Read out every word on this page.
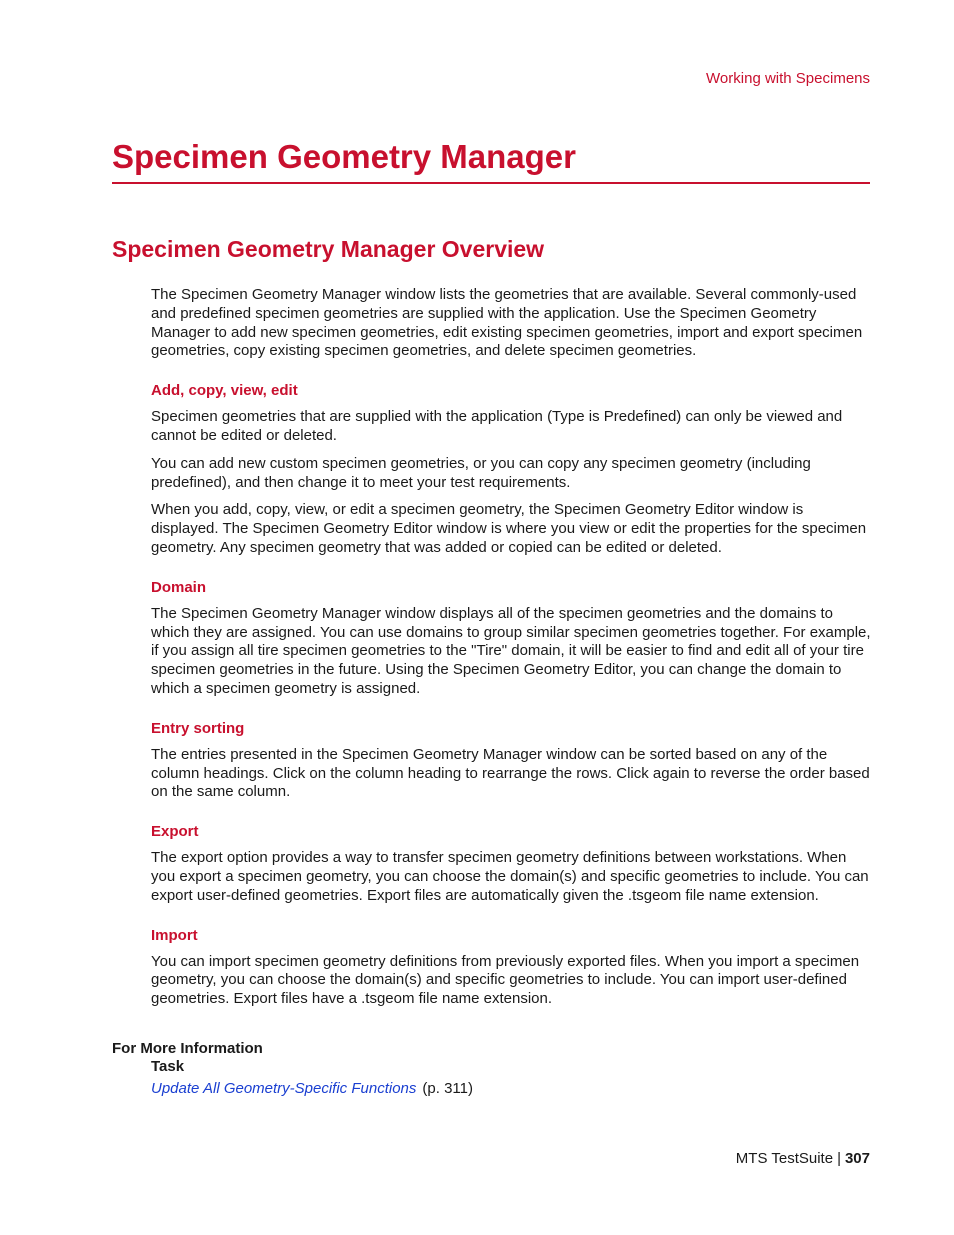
Working with Specimens
Specimen Geometry Manager
Specimen Geometry Manager Overview

The Specimen Geometry Manager window lists the geometries that are available. Several commonly-used and predefined specimen geometries are supplied with the application. Use the Specimen Geometry Manager to add new specimen geometries, edit existing specimen geometries, import and export specimen geometries, copy existing specimen geometries, and delete specimen geometries.

Add, copy, view, edit

Specimen geometries that are supplied with the application (Type is Predefined) can only be viewed and cannot be edited or deleted.

You can add new custom specimen geometries, or you can copy any specimen geometry (including predefined), and then change it to meet your test requirements.

When you add, copy, view, or edit a specimen geometry, the Specimen Geometry Editor window is displayed. The Specimen Geometry Editor window is where you view or edit the properties for the specimen geometry. Any specimen geometry that was added or copied can be edited or deleted.

Domain

The Specimen Geometry Manager window displays all of the specimen geometries and the domains to which they are assigned. You can use domains to group similar specimen geometries together. For example, if you assign all tire specimen geometries to the "Tire" domain, it will be easier to find and edit all of your tire specimen geometries in the future. Using the Specimen Geometry Editor, you can change the domain to which a specimen geometry is assigned.

Entry sorting

The entries presented in the Specimen Geometry Manager window can be sorted based on any of the column headings. Click on the column heading to rearrange the rows. Click again to reverse the order based on the same column.

Export

The export option provides a way to transfer specimen geometry definitions between workstations. When you export a specimen geometry, you can choose the domain(s) and specific geometries to include. You can export user-defined geometries. Export files are automatically given the .tsgeom file name extension.

Import

You can import specimen geometry definitions from previously exported files. When you import a specimen geometry, you can choose the domain(s) and specific geometries to include. You can import user-defined geometries. Export files have a .tsgeom file name extension.

For More Information
Task
Update All Geometry-Specific Functions (p. 311)
MTS TestSuite | 307
